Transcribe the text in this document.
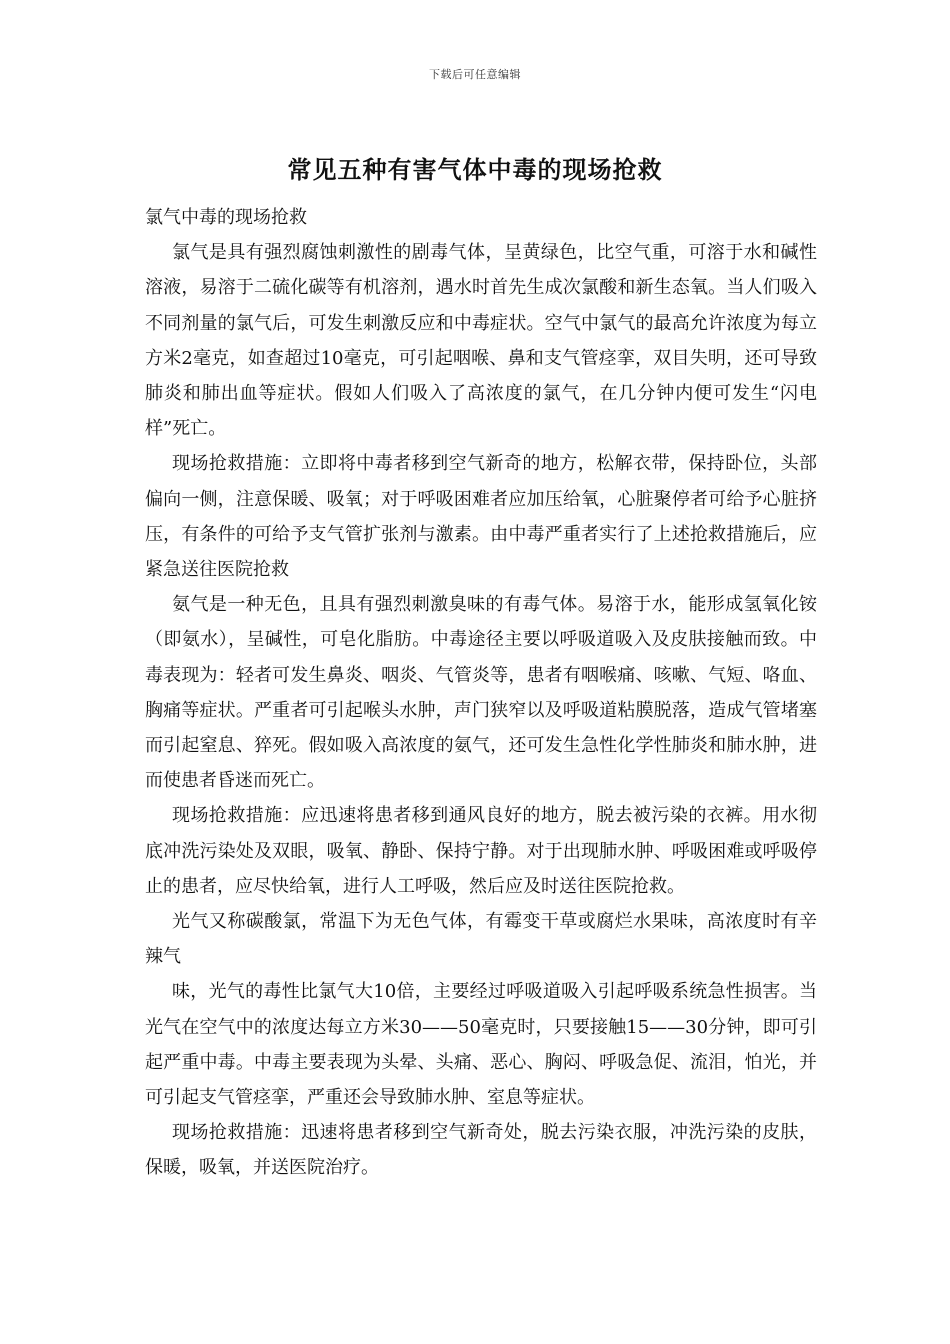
下载后可任意编辑
常见五种有害气体中毒的现场抢救

氯气中毒的现场抢救

氯气是具有强烈腐蚀刺激性的剧毒气体，呈黄绿色，比空气重，可溶于水和碱性溶液，易溶于二硫化碳等有机溶剂，遇水时首先生成次氯酸和新生态氧。当人们吸入不同剂量的氯气后，可发生刺激反应和中毒症状。空气中氯气的最高允许浓度为每立方米2毫克，如查超过10毫克，可引起咽喉、鼻和支气管痉挛，双目失明，还可导致肺炎和肺出血等症状。假如人们吸入了高浓度的氯气，在几分钟内便可发生“闪电样”死亡。

现场抢救措施：立即将中毒者移到空气新奇的地方，松解衣带，保持卧位，头部偏向一侧，注意保暖、吸氧；对于呼吸困难者应加压给氧，心脏聚停者可给予心脏挤压，有条件的可给予支气管扩张剂与激素。由中毒严重者实行了上述抢救措施后，应紧急送往医院抢救

氨气是一种无色，且具有强烈刺激臭味的有毒气体。易溶于水，能形成氢氧化铵（即氨水），呈碱性，可皂化脂肪。中毒途径主要以呼吸道吸入及皮肤接触而致。中毒表现为：轻者可发生鼻炎、咽炎、气管炎等，患者有咽喉痛、咳嗽、气短、咯血、胸痛等症状。严重者可引起喉头水肿，声门狭窄以及呼吸道粘膜脱落，造成气管堵塞而引起窒息、猝死。假如吸入高浓度的氨气，还可发生急性化学性肺炎和肺水肿，进而使患者昏迷而死亡。

现场抢救措施：应迅速将患者移到通风良好的地方，脱去被污染的衣裤。用水彻底冲洗污染处及双眼，吸氧、静卧、保持宁静。对于出现肺水肿、呼吸困难或呼吸停止的患者，应尽快给氧，进行人工呼吸，然后应及时送往医院抢救。

光气又称碳酸氯，常温下为无色气体，有霉变干草或腐烂水果味，高浓度时有辛辣气

味，光气的毒性比氯气大10倍，主要经过呼吸道吸入引起呼吸系统急性损害。当光气在空气中的浓度达每立方米30——50毫克时，只要接触15——30分钟，即可引起严重中毒。中毒主要表现为头晕、头痛、恶心、胸闷、呼吸急促、流泪，怕光，并可引起支气管痉挛，严重还会导致肺水肿、室息等症状。

现场抢救措施：迅速将患者移到空气新奇处，脱去污染衣服，冲洗污染的皮肤，保暖，吸氧，并送医院治疗。
